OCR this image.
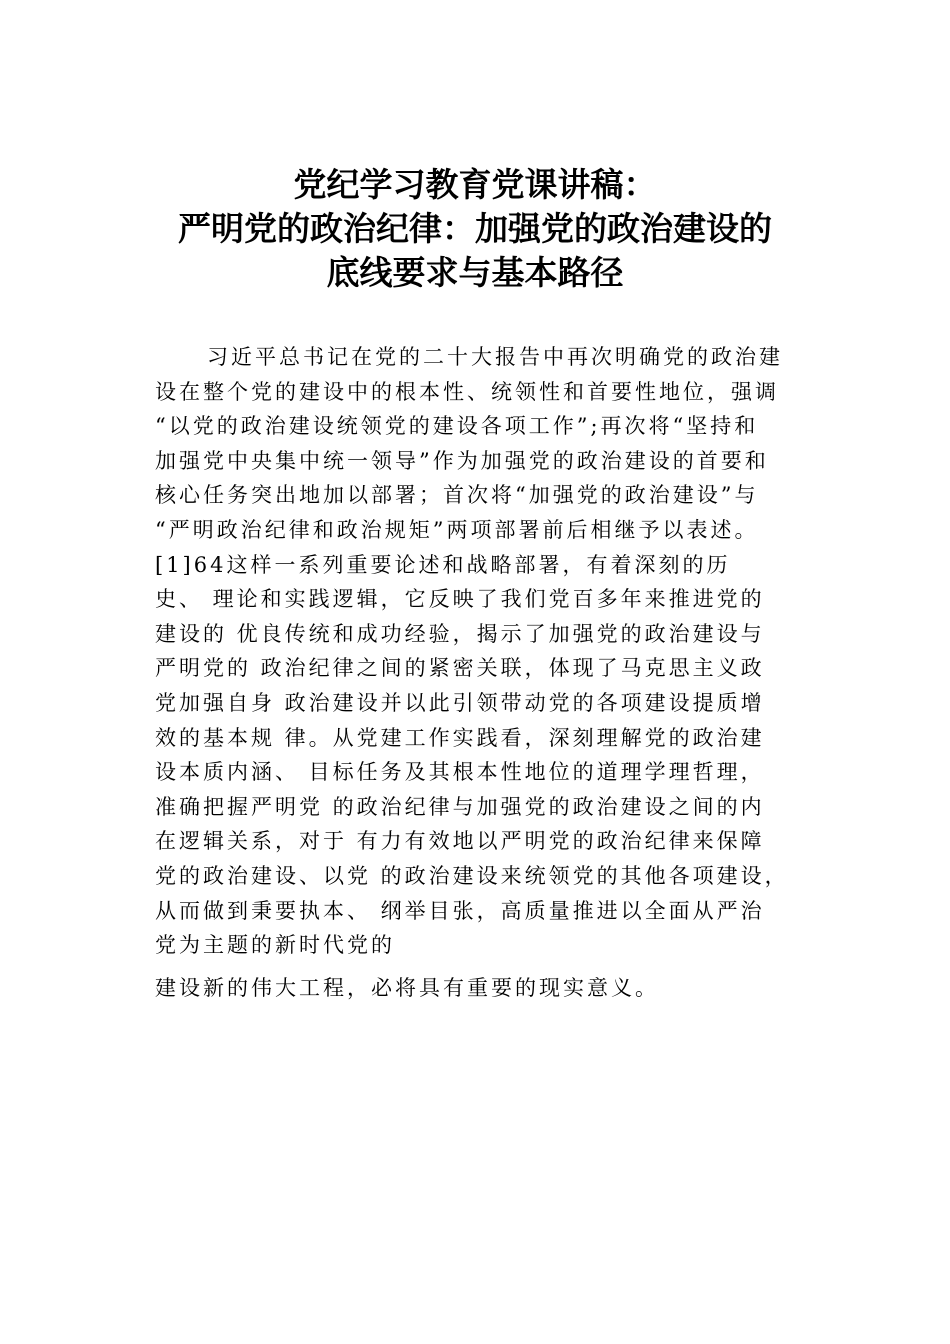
党纪学习教育党课讲稿：
严明党的政治纪律：加强党的政治建设的
底线要求与基本路径
习近平总书记在党的二十大报告中再次明确党的政治建
设在整个党的建设中的根本性、统领性和首要性地位，强调
“以党的政治建设统领党的建设各项工作”;再次将“坚持和
加强党中央集中统一领导”作为加强党的政治建设的首要和
核心任务突出地加以部署；首次将“加强党的政治建设”与
“严明政治纪律和政治规矩”两项部署前后相继予以表述。
[1]64这样一系列重要论述和战略部署，有着深刻的历
史、 理论和实践逻辑，它反映了我们党百多年来推进党的
建设的 优良传统和成功经验，揭示了加强党的政治建设与
严明党的 政治纪律之间的紧密关联，体现了马克思主义政
党加强自身 政治建设并以此引领带动党的各项建设提质增
效的基本规 律。从党建工作实践看，深刻理解党的政治建
设本质内涵、 目标任务及其根本性地位的道理学理哲理，
准确把握严明党 的政治纪律与加强党的政治建设之间的内
在逻辑关系，对于 有力有效地以严明党的政治纪律来保障
党的政治建设、以党 的政治建设来统领党的其他各项建设，
从而做到秉要执本、 纲举目张，高质量推进以全面从严治
党为主题的新时代党的
建设新的伟大工程，必将具有重要的现实意义。
